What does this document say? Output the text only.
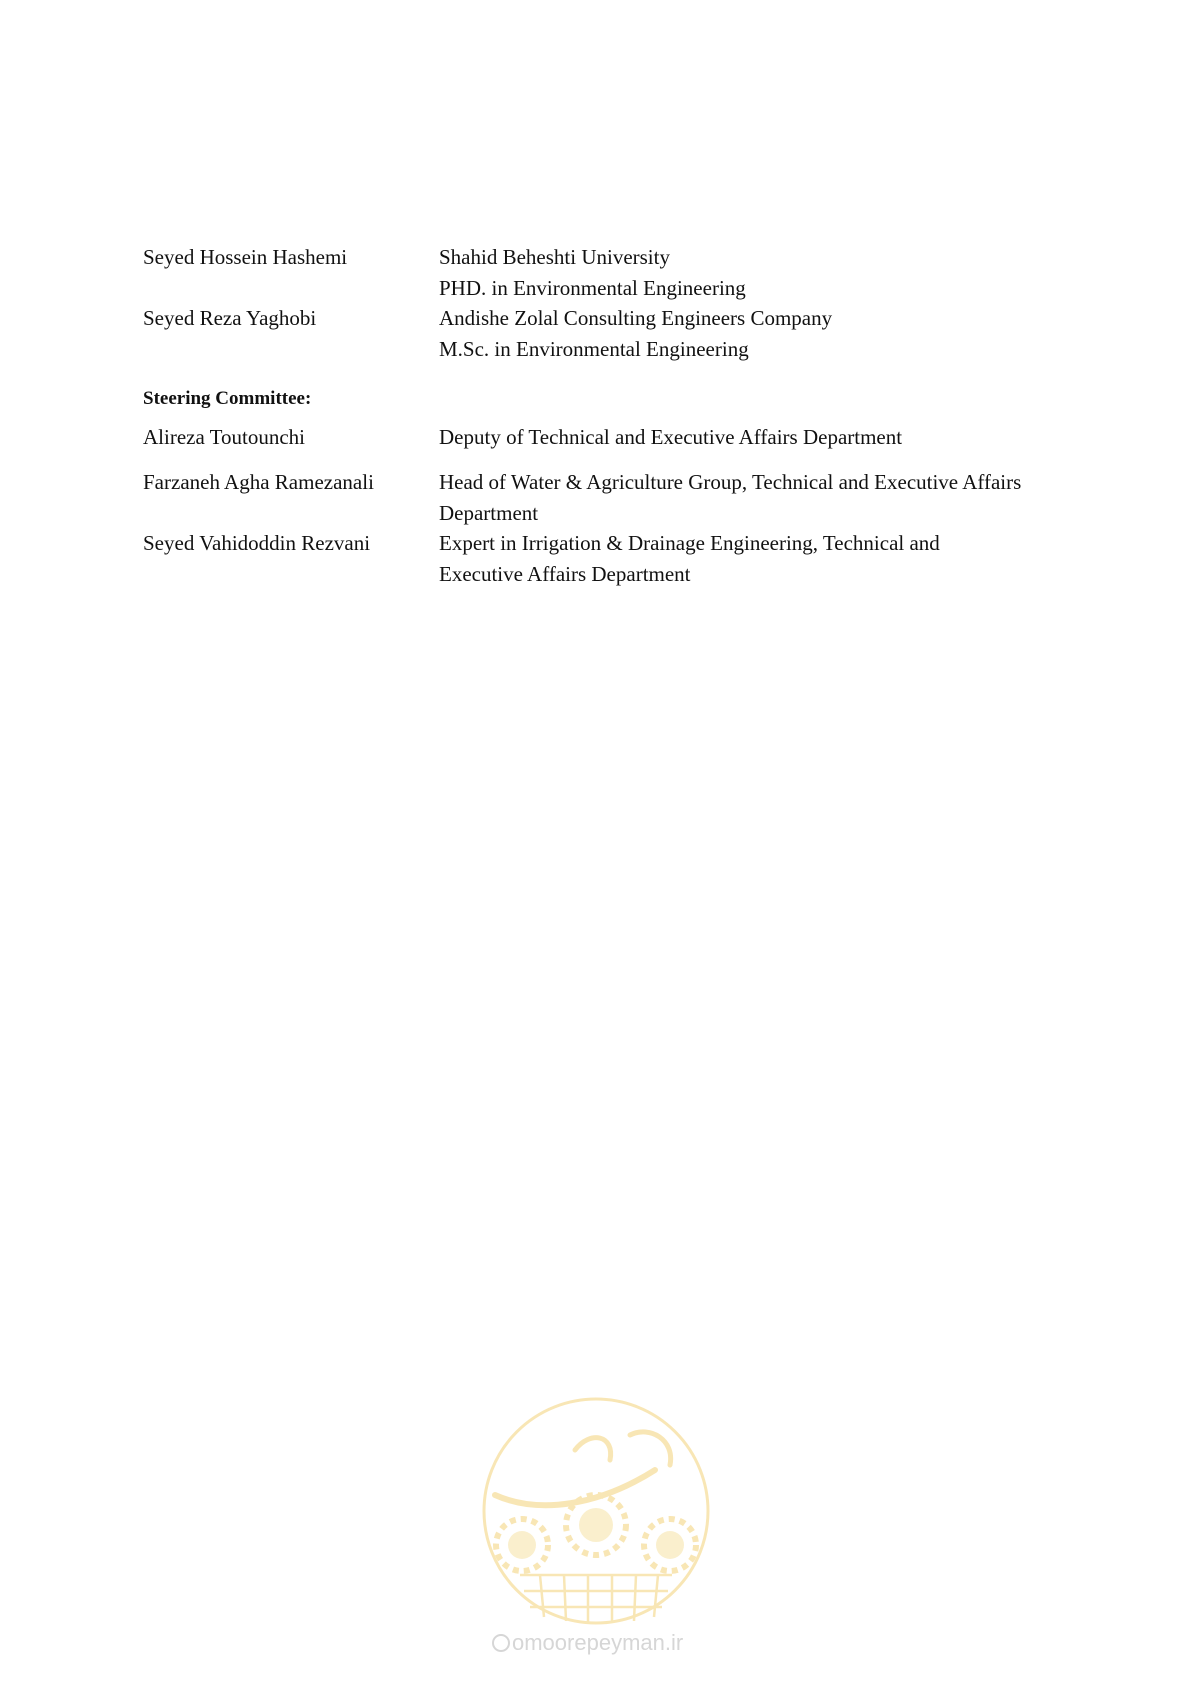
Seyed Hossein Hashemi	Shahid Beheshti University
PHD. in Environmental Engineering
Seyed Reza Yaghobi	Andishe Zolal Consulting Engineers Company
M.Sc. in Environmental Engineering
Steering Committee:
Alireza Toutounchi	Deputy of Technical and Executive Affairs Department
Farzaneh Agha Ramezanali	Head of Water & Agriculture Group, Technical and Executive Affairs
Department
Seyed Vahidoddin Rezvani	Expert in Irrigation & Drainage Engineering, Technical and
Executive Affairs Department
omoorepeyman.ir
